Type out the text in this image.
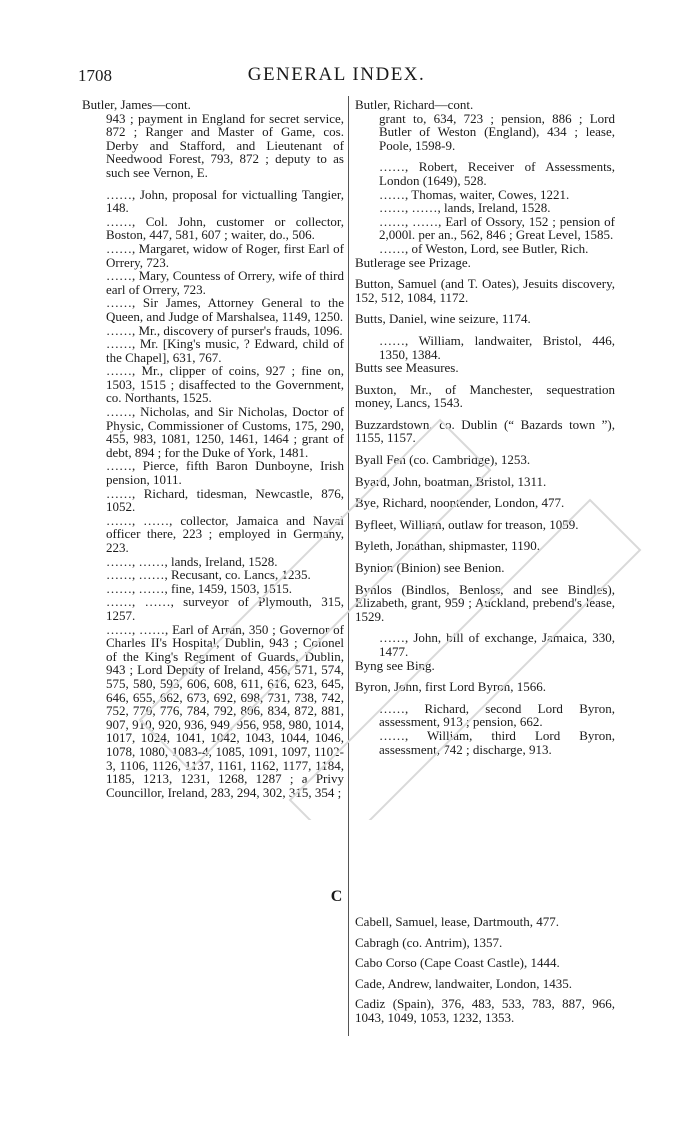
1708	GENERAL INDEX.

Butler, James—cont.

943 ; payment in England for secret service, 872 ; Ranger and Master of Game, cos. Derby and Stafford, and Lieutenant of Needwood Forest, 793, 872 ; deputy to as such see Vernon, E.

……, John, proposal for victualling Tangier, 148.

……, Col. John, customer or collector, Boston, 447, 581, 607 ; waiter, do., 506.

……, Margaret, widow of Roger, first Earl of Orrery, 723.

……, Mary, Countess of Orrery, wife of third earl of Orrery, 723.

……, Sir James, Attorney General to the Queen, and Judge of Marshalsea, 1149, 1250.

……, Mr., discovery of purser's frauds, 1096.

……, Mr. [King's music, ? Edward, child of the Chapel], 631, 767.

……, Mr., clipper of coins, 927 ; fine on, 1503, 1515 ; disaffected to the Government, co. Northants, 1525.

……, Nicholas, and Sir Nicholas, Doctor of Physic, Commissioner of Customs, 175, 290, 455, 983, 1081, 1250, 1461, 1464 ; grant of debt, 894 ; for the Duke of York, 1481.

……, Pierce, fifth Baron Dunboyne, Irish pension, 1011.

……, Richard, tidesman, Newcastle, 876, 1052.

……, ……, collector, Jamaica and Naval officer there, 223 ; employed in Germany, 223.

……, ……, lands, Ireland, 1528.

……, ……, Recusant, co. Lancs, 1235.

……, ……, fine, 1459, 1503, 1515.

……, ……, surveyor of Plymouth, 315, 1257.

……, ……, Earl of Arran, 350 ; Governor of Charles II's Hospital, Dublin, 943 ; Colonel of the King's Regiment of Guards, Dublin, 943 ; Lord Deputy of Ireland, 456, 571, 574, 575, 580, 593, 606, 608, 611, 616, 623, 645, 646, 655, 662, 673, 692, 698, 731, 738, 742, 752, 770, 776, 784, 792, 806, 834, 872, 881, 907, 910, 920, 936, 949, 956, 958, 980, 1014, 1017, 1024, 1041, 1042, 1043, 1044, 1046, 1078, 1080, 1083-4, 1085, 1091, 1097, 1102-3, 1106, 1126, 1137, 1161, 1162, 1177, 1184, 1185, 1213, 1231, 1268, 1287 ; a Privy Councillor, Ireland, 283, 294, 302, 315, 354 ;

Butler, Richard—cont.

grant to, 634, 723 ; pension, 886 ; Lord Butler of Weston (England), 434 ; lease, Poole, 1598-9.

……, Robert, Receiver of Assessments, London (1649), 528.

……, Thomas, waiter, Cowes, 1221.

……, ……, lands, Ireland, 1528.

……, ……, Earl of Ossory, 152 ; pension of 2,000l. per an., 562, 846 ; Great Level, 1585.

……, of Weston, Lord, see Butler, Rich.

Butlerage see Prizage.

Button, Samuel (and T. Oates), Jesuits discovery, 152, 512, 1084, 1172.

Butts, Daniel, wine seizure, 1174.

……, William, landwaiter, Bristol, 446, 1350, 1384.

Butts see Measures.

Buxton, Mr., of Manchester, sequestration money, Lancs, 1543.

Buzzardstown, co. Dublin (“ Bazards town ”), 1155, 1157.

Byall Fen (co. Cambridge), 1253.

Byard, John, boatman, Bristol, 1311.

Bye, Richard, noontender, London, 477.

Byfleet, William, outlaw for treason, 1059.

Byleth, Jonathan, shipmaster, 1190.

Bynion (Binion) see Benion.

Bynlos (Bindlos, Benloss, and see Bindles), Elizabeth, grant, 959 ; Auckland, prebend's lease, 1529.

……, John, bill of exchange, Jamaica, 330, 1477.

Byng see Bing.

Byron, John, first Lord Byron, 1566.

……, Richard, second Lord Byron, assessment, 913 ; pension, 662.

……, William, third Lord Byron, assessment, 742 ; discharge, 913.

C

Cabell, Samuel, lease, Dartmouth, 477.

Cabragh (co. Antrim), 1357.

Cabo Corso (Cape Coast Castle), 1444.

Cade, Andrew, landwaiter, London, 1435.

Cadiz (Spain), 376, 483, 533, 783, 887, 966, 1043, 1049, 1053, 1232, 1353.
